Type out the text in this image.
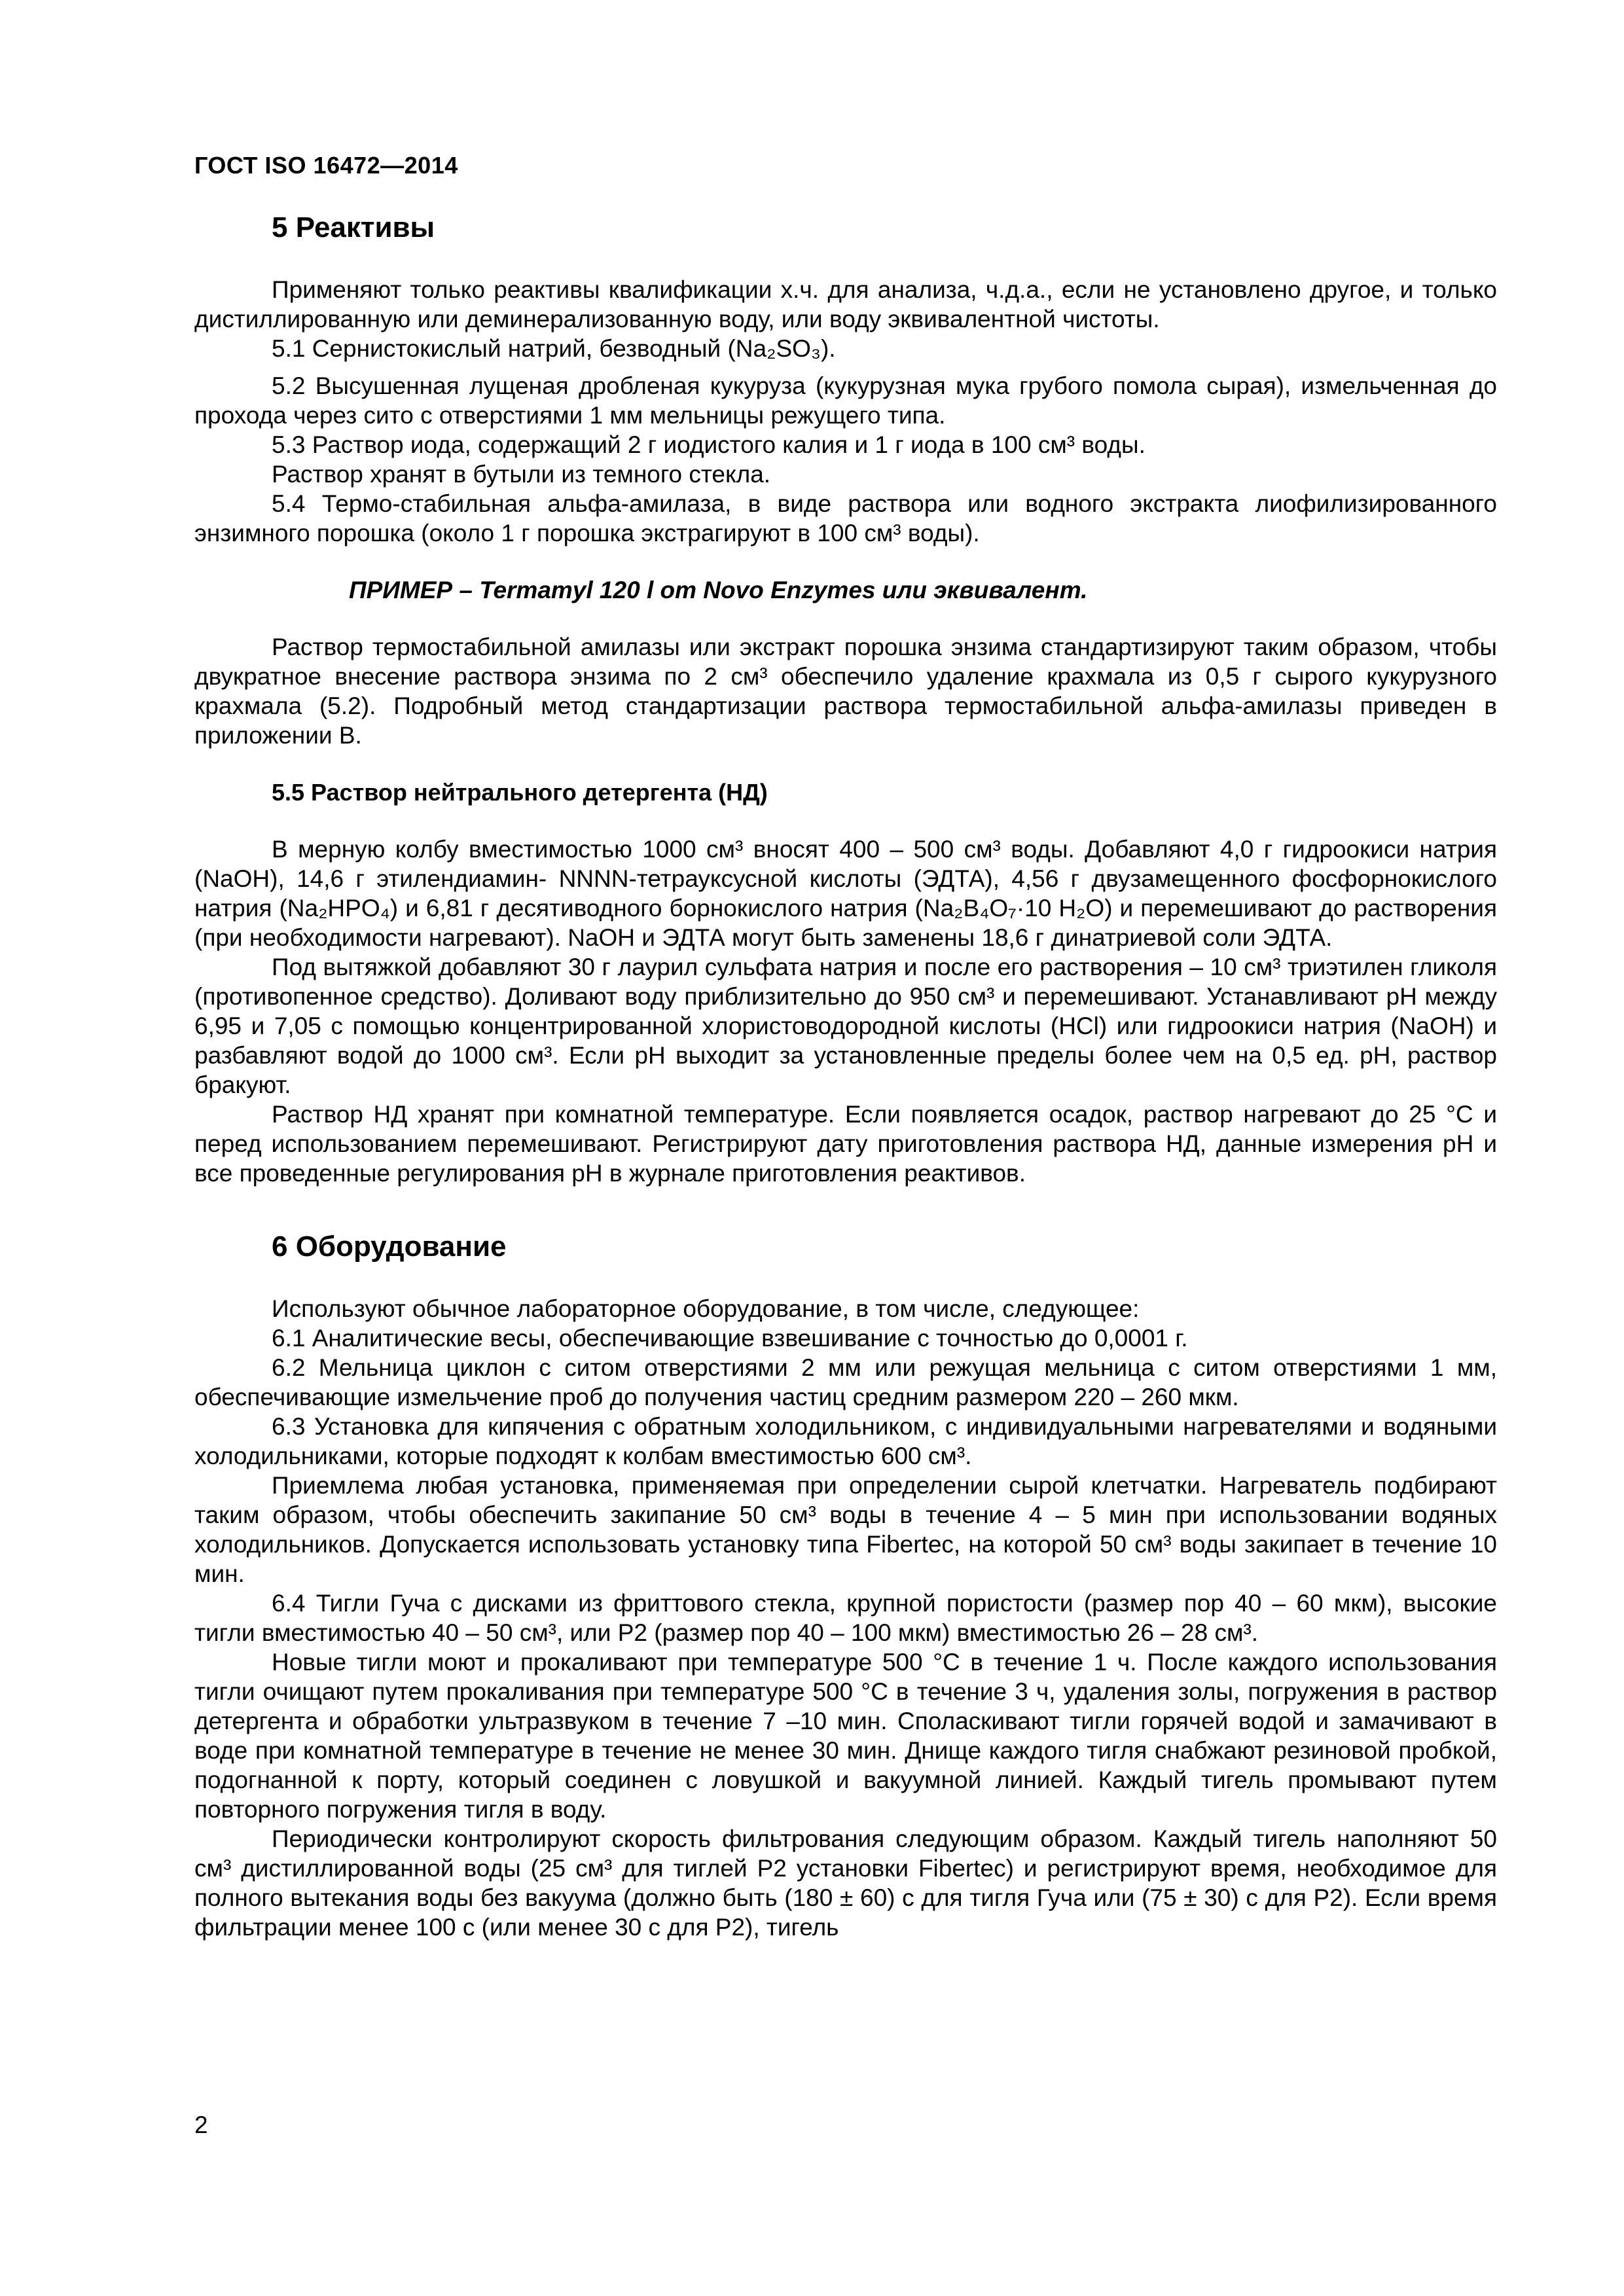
ГОСТ ISO 16472—2014
5 Реактивы

Применяют только реактивы квалификации х.ч. для анализа, ч.д.а., если не установлено другое, и только дистиллированную или деминерализованную воду, или воду эквивалентной чистоты.

5.1 Сернистокислый натрий, безводный (Na₂SO₃).

5.2 Высушенная лущеная дробленая кукуруза (кукурузная мука грубого помола сырая), измельченная до прохода через сито с отверстиями 1 мм мельницы режущего типа.

5.3 Раствор иода, содержащий 2 г иодистого калия и 1 г иода в 100 см³ воды.

Раствор хранят в бутыли из темного стекла.

5.4 Термо-стабильная альфа-амилаза, в виде раствора или водного экстракта лиофилизированного энзимного порошка (около 1 г порошка экстрагируют в 100 см³ воды).

ПРИМЕР – Termamyl 120 l от Novo Enzymes или эквивалент.

Раствор термостабильной амилазы или экстракт порошка энзима стандартизируют таким образом, чтобы двукратное внесение раствора энзима по 2 см³ обеспечило удаление крахмала из 0,5 г сырого кукурузного крахмала (5.2). Подробный метод стандартизации раствора термостабильной альфа-амилазы приведен в приложении В.

5.5 Раствор нейтрального детергента (НД)

В мерную колбу вместимостью 1000 см³ вносят 400 – 500 см³ воды. Добавляют 4,0 г гидроокиси натрия (NaOH), 14,6 г этилендиамин- NNNN-тетрауксусной кислоты (ЭДТА), 4,56 г двузамещенного фосфорнокислого натрия (Na₂HPO₄) и 6,81 г десятиводного борнокислого натрия (Na₂B₄O₇·10 H₂O) и перемешивают до растворения (при необходимости нагревают). NaOH и ЭДТА могут быть заменены 18,6 г динатриевой соли ЭДТА.

Под вытяжкой добавляют 30 г лаурил сульфата натрия и после его растворения – 10 см³ триэтилен гликоля (противопенное средство). Доливают воду приблизительно до 950 см³ и перемешивают. Устанавливают pH между 6,95 и 7,05 с помощью концентрированной хлористоводородной кислоты (HCl) или гидроокиси натрия (NaOH) и разбавляют водой до 1000 см³. Если pH выходит за установленные пределы более чем на 0,5 ед. pH, раствор бракуют.

Раствор НД хранят при комнатной температуре. Если появляется осадок, раствор нагревают до 25 °С и перед использованием перемешивают. Регистрируют дату приготовления раствора НД, данные измерения pH и все проведенные регулирования pH в журнале приготовления реактивов.

6 Оборудование

Используют обычное лабораторное оборудование, в том числе, следующее:

6.1 Аналитические весы, обеспечивающие взвешивание с точностью до 0,0001 г.

6.2 Мельница циклон с ситом отверстиями 2 мм или режущая мельница с ситом отверстиями 1 мм, обеспечивающие измельчение проб до получения частиц средним размером 220 – 260 мкм.

6.3 Установка для кипячения с обратным холодильником, с индивидуальными нагревателями и водяными холодильниками, которые подходят к колбам вместимостью 600 см³.

Приемлема любая установка, применяемая при определении сырой клетчатки. Нагреватель подбирают таким образом, чтобы обеспечить закипание 50 см³ воды в течение 4 – 5 мин при использовании водяных холодильников. Допускается использовать установку типа Fibertec, на которой 50 см³ воды закипает в течение 10 мин.

6.4 Тигли Гуча с дисками из фриттового стекла, крупной пористости (размер пор 40 – 60 мкм), высокие тигли вместимостью 40 – 50 см³, или P2 (размер пор 40 – 100 мкм) вместимостью 26 – 28 см³.

Новые тигли моют и прокаливают при температуре 500 °С в течение 1 ч. После каждого использования тигли очищают путем прокаливания при температуре 500 °С в течение 3 ч, удаления золы, погружения в раствор детергента и обработки ультразвуком в течение 7 –10 мин. Споласкивают тигли горячей водой и замачивают в воде при комнатной температуре в течение не менее 30 мин. Днище каждого тигля снабжают резиновой пробкой, подогнанной к порту, который соединен с ловушкой и вакуумной линией. Каждый тигель промывают путем повторного погружения тигля в воду.

Периодически контролируют скорость фильтрования следующим образом. Каждый тигель наполняют 50 см³ дистиллированной воды (25 см³ для тиглей P2 установки Fibertec) и регистрируют время, необходимое для полного вытекания воды без вакуума (должно быть (180 ± 60) с для тигля Гуча или (75 ± 30) с для P2). Если время фильтрации менее 100 с (или менее 30 с для P2), тигель

2
